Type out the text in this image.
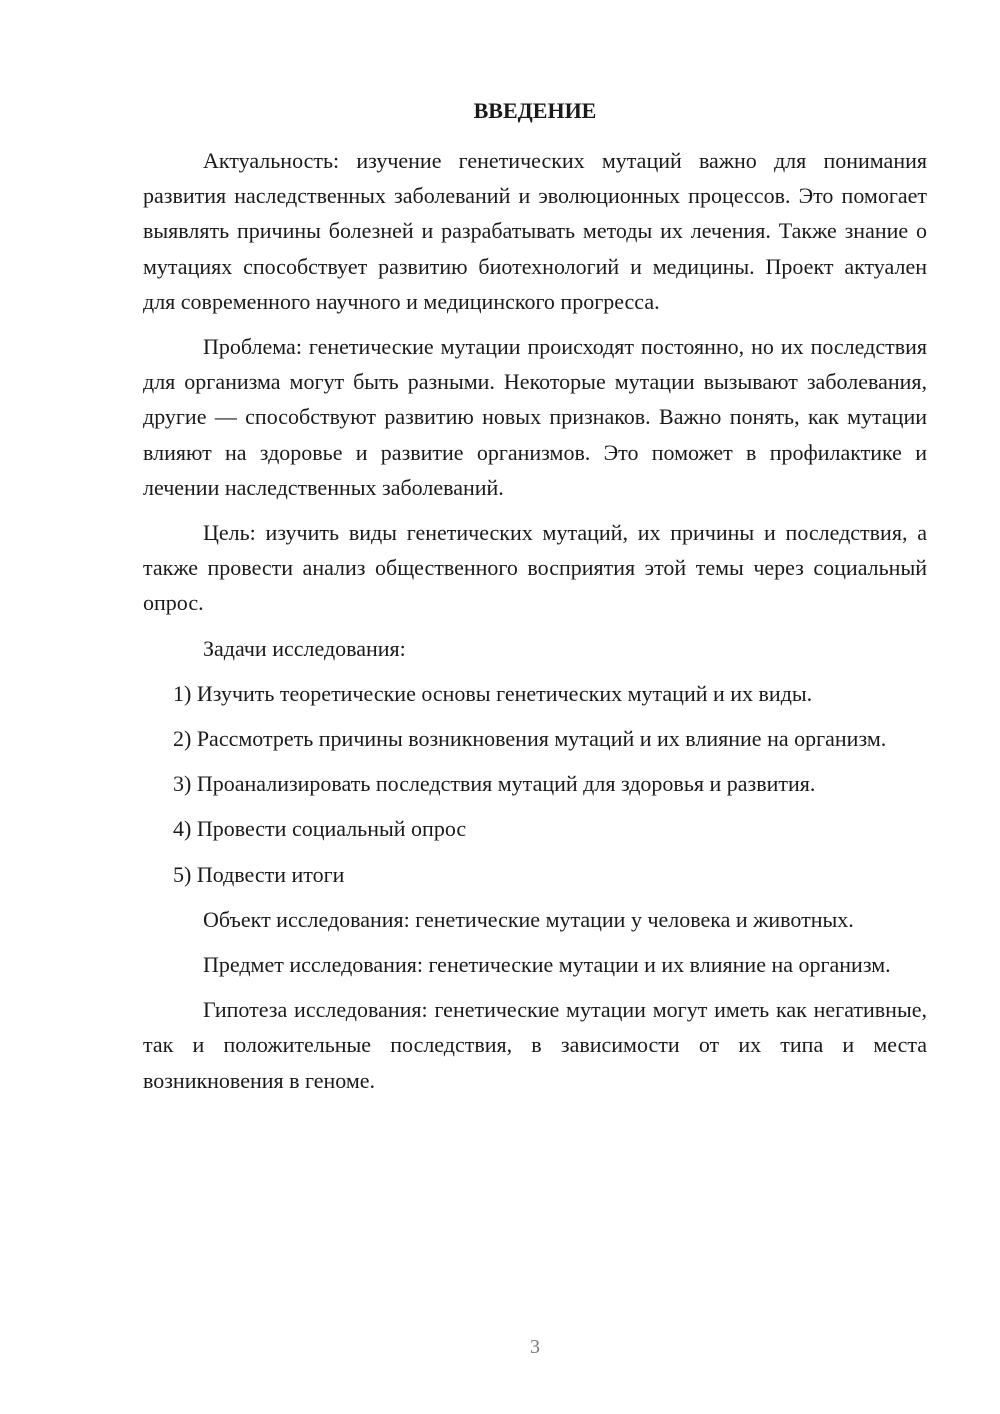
ВВЕДЕНИЕ

Актуальность: изучение генетических мутаций важно для понимания развития наследственных заболеваний и эволюционных процессов. Это помогает выявлять причины болезней и разрабатывать методы их лечения. Также знание о мутациях способствует развитию биотехнологий и медицины. Проект актуален для современного научного и медицинского прогресса.

Проблема: генетические мутации происходят постоянно, но их последствия для организма могут быть разными. Некоторые мутации вызывают заболевания, другие — способствуют развитию новых признаков. Важно понять, как мутации влияют на здоровье и развитие организмов. Это поможет в профилактике и лечении наследственных заболеваний.

Цель: изучить виды генетических мутаций, их причины и последствия, а также провести анализ общественного восприятия этой темы через социальный опрос.

Задачи исследования:

1) Изучить теоретические основы генетических мутаций и их виды.

2) Рассмотреть причины возникновения мутаций и их влияние на организм.

3) Проанализировать последствия мутаций для здоровья и развития.

4) Провести социальный опрос

5) Подвести итоги

Объект исследования: генетические мутации у человека и животных.

Предмет исследования: генетические мутации и их влияние на организм.

Гипотеза исследования: генетические мутации могут иметь как негативные, так и положительные последствия, в зависимости от их типа и места возникновения в геноме.

3
